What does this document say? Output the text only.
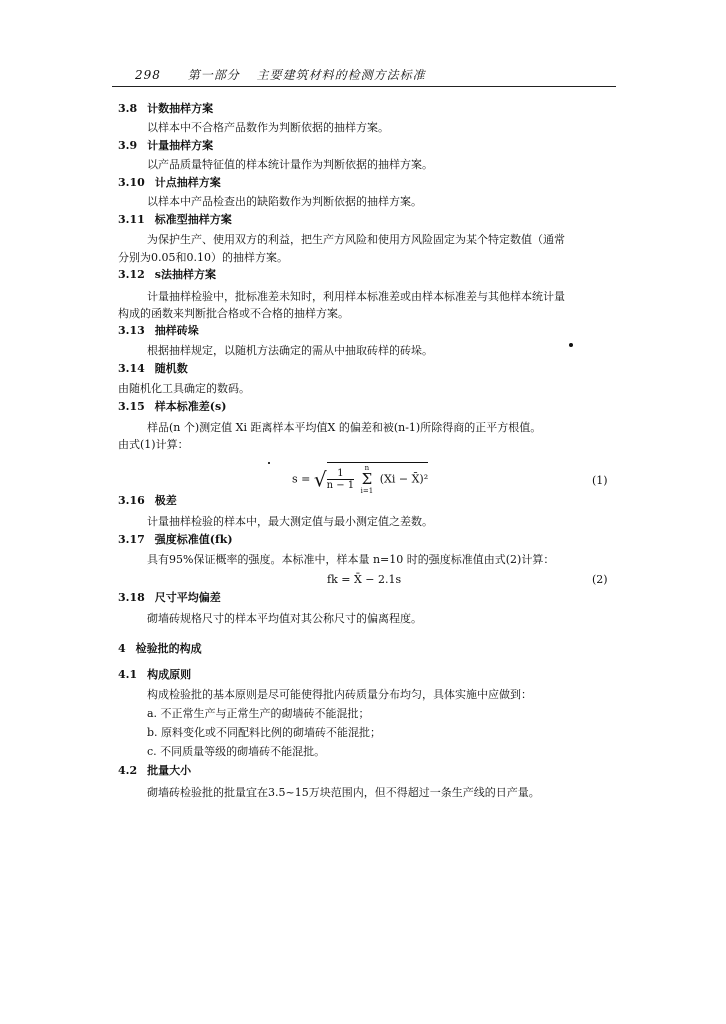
298 第一部分 主要建筑材料的检测方法标准
3.8 计数抽样方案
以样本中不合格产品数作为判断依据的抽样方案。
3.9 计量抽样方案
以产品质量特征值的样本统计量作为判断依据的抽样方案。
3.10 计点抽样方案
以样本中产品检查出的缺陷数作为判断依据的抽样方案。
3.11 标准型抽样方案
为保护生产、使用双方的利益，把生产方风险和使用方风险固定为某个特定数值（通常
分别为0.05和0.10）的抽样方案。
3.12 s法抽样方案
计量抽样检验中，批标准差未知时，利用样本标准差或由样本标准差与其他样本统计量
构成的函数来判断批合格或不合格的抽样方案。
3.13 抽样砖垛
根据抽样规定，以随机方法确定的需从中抽取砖样的砖垛。
3.14 随机数
由随机化工具确定的数码。
3.15 样本标准差(s)
样品(n 个)测定值 Xi 距离样本平均值X 的偏差和被(n-1)所除得商的正平方根值。
由式(1)计算：
s = √ $\frac{1}{n - 1}$ n
Σ
i=1 (Xi − X̄)²	(1)
3.16 极差
计量抽样检验的样本中，最大测定值与最小测定值之差数。
3.17 强度标准值(fk)
具有95%保证概率的强度。本标准中，样本量 n=10 时的强度标准值由式(2)计算：
fk = X̄ − 2.1s	(2)
3.18 尺寸平均偏差
砌墙砖规格尺寸的样本平均值对其公称尺寸的偏离程度。
4 检验批的构成
4.1 构成原则
构成检验批的基本原则是尽可能使得批内砖质量分布均匀，具体实施中应做到：
a. 不正常生产与正常生产的砌墙砖不能混批；
b. 原料变化或不同配料比例的砌墙砖不能混批；
c. 不同质量等级的砌墙砖不能混批。
4.2 批量大小
砌墙砖检验批的批量宜在3.5~15万块范围内，但不得超过一条生产线的日产量。
